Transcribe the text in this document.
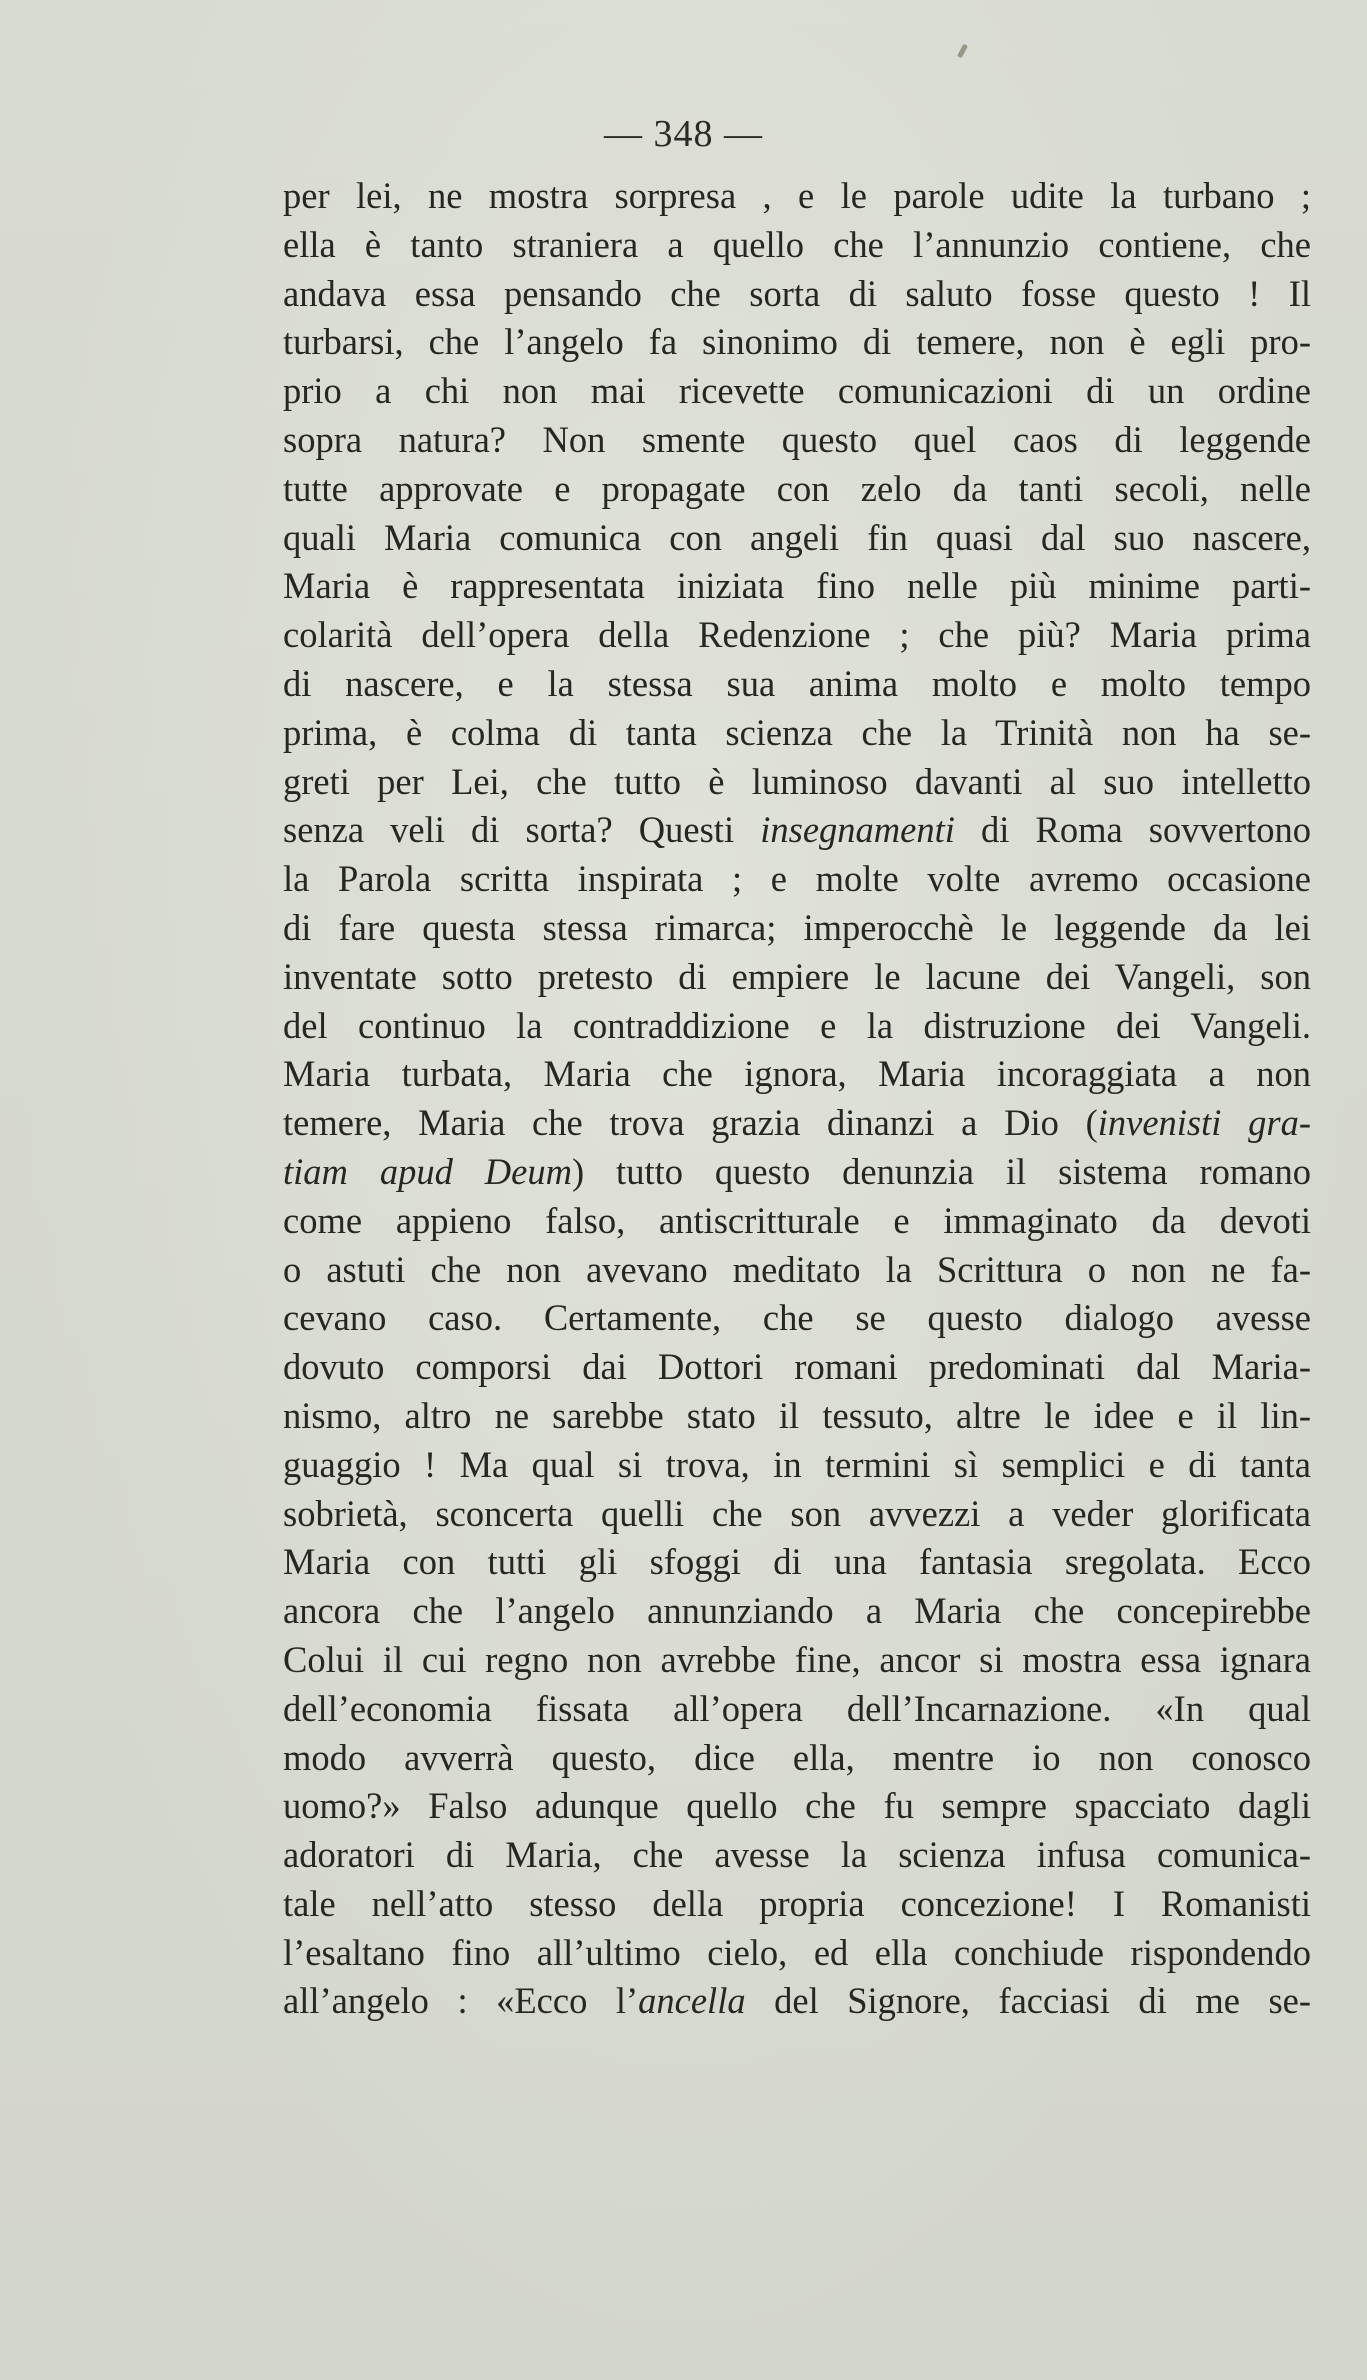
— 348 —
per lei, ne mostra sorpresa , e le parole udite la turbano ;
ella è tanto straniera a quello che l’annunzio contiene, che
andava essa pensando che sorta di saluto fosse questo ! Il
turbarsi, che l’angelo fa sinonimo di temere, non è egli pro-
prio a chi non mai ricevette comunicazioni di un ordine
sopra natura? Non smente questo quel caos di leggende
tutte approvate e propagate con zelo da tanti secoli, nelle
quali Maria comunica con angeli fin quasi dal suo nascere,
Maria è rappresentata iniziata fino nelle più minime parti-
colarità dell’opera della Redenzione ; che più? Maria prima
di nascere, e la stessa sua anima molto e molto tempo
prima, è colma di tanta scienza che la Trinità non ha se-
greti per Lei, che tutto è luminoso davanti al suo intelletto
senza veli di sorta? Questi insegnamenti di Roma sovvertono
la Parola scritta inspirata ; e molte volte avremo occasione
di fare questa stessa rimarca; imperocchè le leggende da lei
inventate sotto pretesto di empiere le lacune dei Vangeli, son
del continuo la contraddizione e la distruzione dei Vangeli.
Maria turbata, Maria che ignora, Maria incoraggiata a non
temere, Maria che trova grazia dinanzi a Dio (invenisti gra-
tiam apud Deum) tutto questo denunzia il sistema romano
come appieno falso, antiscritturale e immaginato da devoti
o astuti che non avevano meditato la Scrittura o non ne fa-
cevano caso. Certamente, che se questo dialogo avesse
dovuto comporsi dai Dottori romani predominati dal Maria-
nismo, altro ne sarebbe stato il tessuto, altre le idee e il lin-
guaggio ! Ma qual si trova, in termini sì semplici e di tanta
sobrietà, sconcerta quelli che son avvezzi a veder glorificata
Maria con tutti gli sfoggi di una fantasia sregolata. Ecco
ancora che l’angelo annunziando a Maria che concepirebbe
Colui il cui regno non avrebbe fine, ancor si mostra essa ignara
dell’economia fissata all’opera dell’Incarnazione. «In qual
modo avverrà questo, dice ella, mentre io non conosco
uomo?» Falso adunque quello che fu sempre spacciato dagli
adoratori di Maria, che avesse la scienza infusa comunica-
tale nell’atto stesso della propria concezione! I Romanisti
l’esaltano fino all’ultimo cielo, ed ella conchiude rispondendo
all’angelo : «Ecco l’ancella del Signore, facciasi di me se-
